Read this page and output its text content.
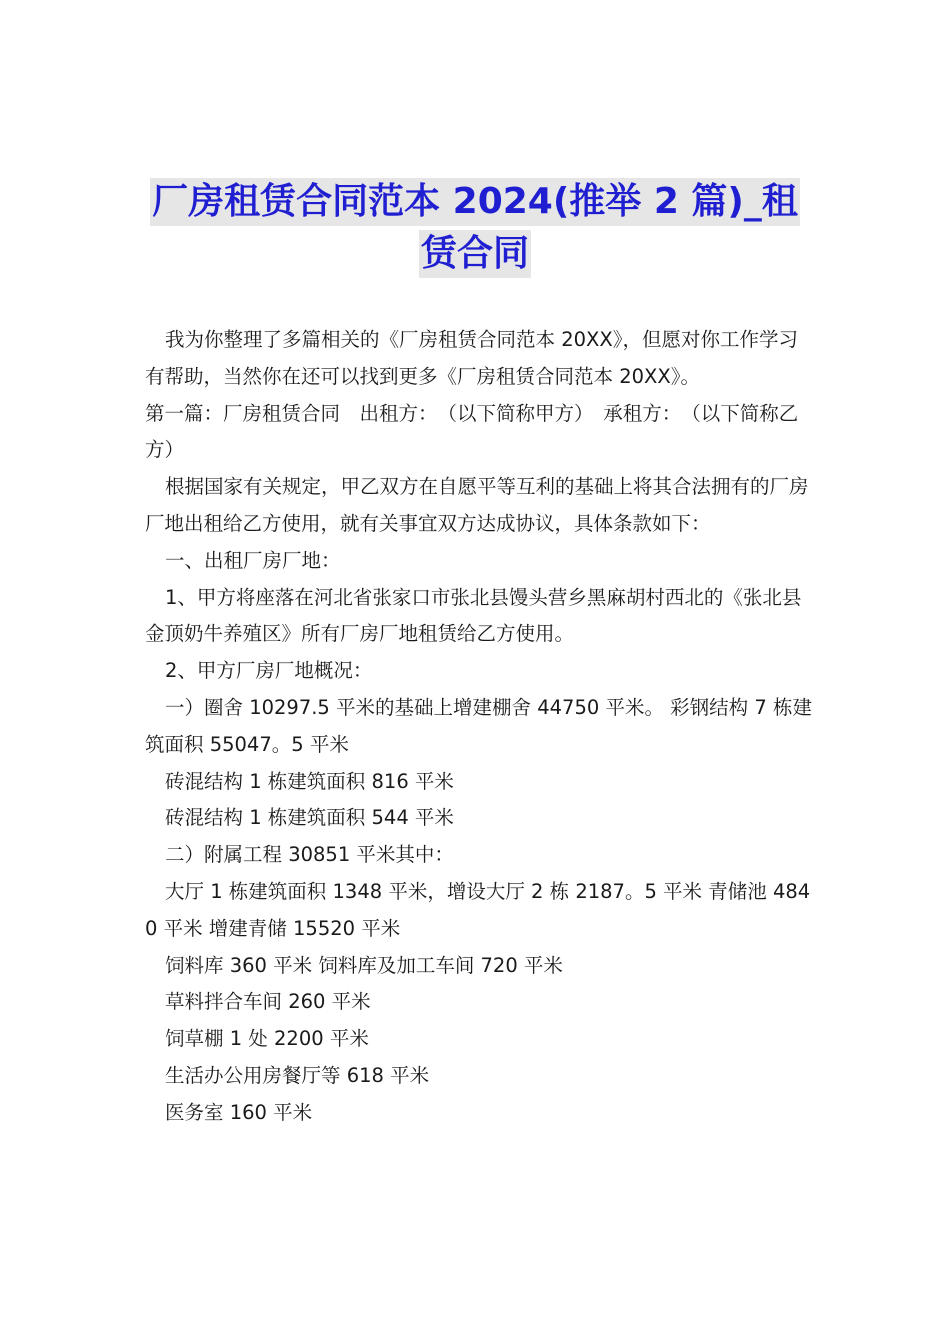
厂房租赁合同范本 2024(推举 2 篇)_租
赁合同

我为你整理了多篇相关的《厂房租赁合同范本 20XX》，但愿对你工作学习有帮助，当然你在还可以找到更多《厂房租赁合同范本 20XX》。

第一篇：厂房租赁合同　出租方：　（以下简称甲方）　承租方：　（以下简称乙方）

根据国家有关规定，甲乙双方在自愿平等互利的基础上将其合法拥有的厂房厂地出租给乙方使用，就有关事宜双方达成协议，具体条款如下：

一、出租厂房厂地：

1、甲方将座落在河北省张家口市张北县馒头营乡黑麻胡村西北的《张北县金顶奶牛养殖区》所有厂房厂地租赁给乙方使用。

2、甲方厂房厂地概况：

一）圈舍 10297.5 平米的基础上增建棚舍 44750 平米。 彩钢结构 7 栋建筑面积 55047。5 平米

砖混结构 1 栋建筑面积 816 平米

砖混结构 1 栋建筑面积 544 平米

二）附属工程 30851 平米其中：

大厅 1 栋建筑面积 1348 平米，增设大厅 2 栋 2187。5 平米 青储池 4840 平米 增建青储 15520 平米

饲料库 360 平米 饲料库及加工车间 720 平米

草料拌合车间 260 平米

饲草棚 1 处 2200 平米

生活办公用房餐厅等 618 平米

医务室 160 平米
